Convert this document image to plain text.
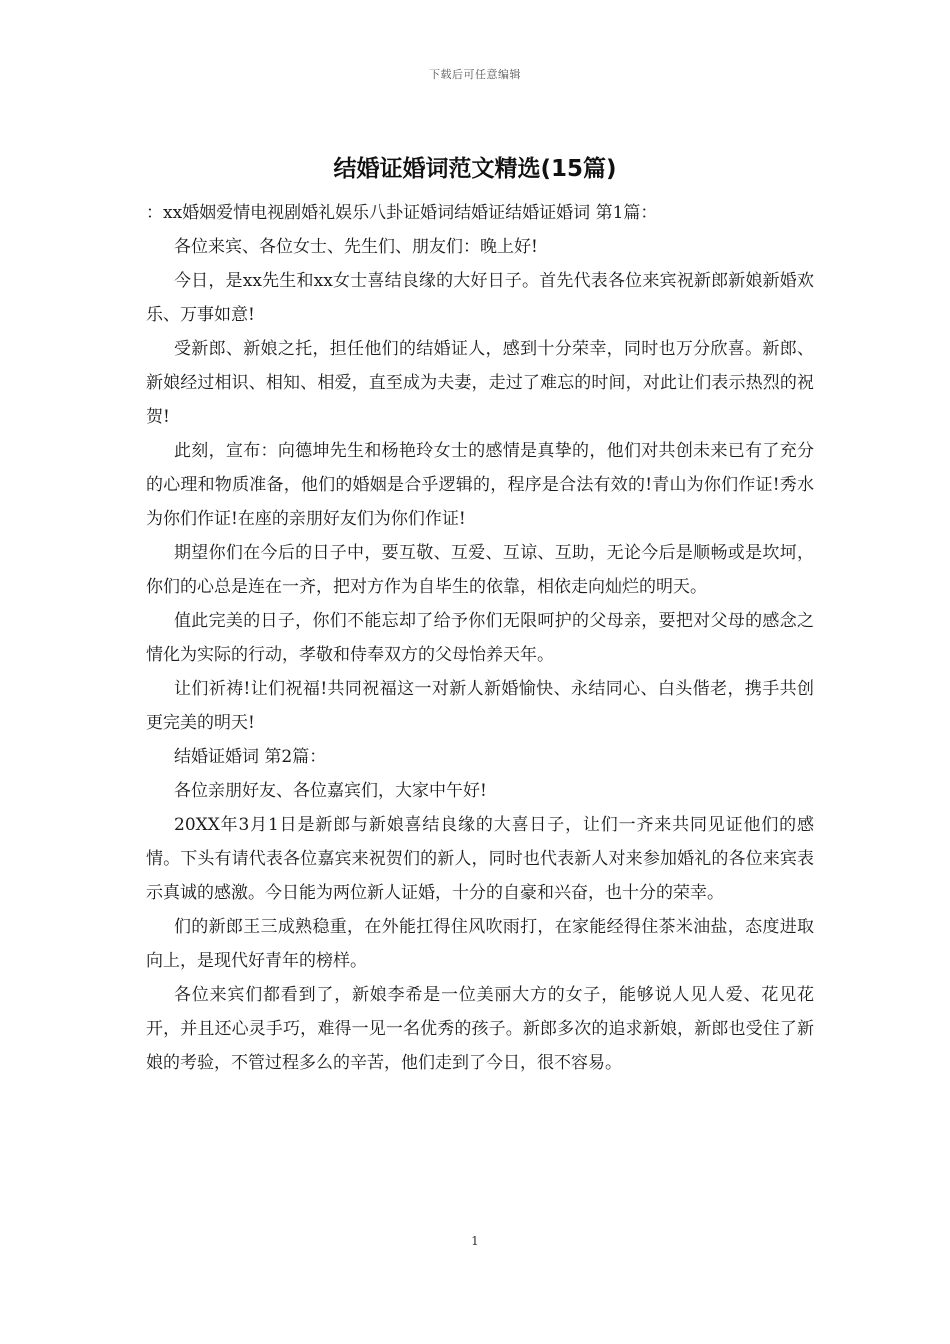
下载后可任意编辑
结婚证婚词范文精选(15篇)

：xx婚姻爱情电视剧婚礼娱乐八卦证婚词结婚证结婚证婚词 第1篇：

各位来宾、各位女士、先生们、朋友们：晚上好!

今日，是xx先生和xx女士喜结良缘的大好日子。首先代表各位来宾祝新郎新娘新婚欢乐、万事如意!

受新郎、新娘之托，担任他们的结婚证人，感到十分荣幸，同时也万分欣喜。新郎、新娘经过相识、相知、相爱，直至成为夫妻，走过了难忘的时间，对此让们表示热烈的祝贺!

此刻，宣布：向德坤先生和杨艳玲女士的感情是真挚的，他们对共创未来已有了充分的心理和物质准备，他们的婚姻是合乎逻辑的，程序是合法有效的!青山为你们作证!秀水为你们作证!在座的亲朋好友们为你们作证!

期望你们在今后的日子中，要互敬、互爱、互谅、互助，无论今后是顺畅或是坎坷，你们的心总是连在一齐，把对方作为自毕生的依靠，相依走向灿烂的明天。

值此完美的日子，你们不能忘却了给予你们无限呵护的父母亲，要把对父母的感念之情化为实际的行动，孝敬和侍奉双方的父母怡养天年。

让们祈祷!让们祝福!共同祝福这一对新人新婚愉快、永结同心、白头偕老，携手共创更完美的明天!

结婚证婚词 第2篇：

各位亲朋好友、各位嘉宾们，大家中午好!

20XX年3月1日是新郎与新娘喜结良缘的大喜日子，让们一齐来共同见证他们的感情。下头有请代表各位嘉宾来祝贺们的新人，同时也代表新人对来参加婚礼的各位来宾表示真诚的感激。今日能为两位新人证婚，十分的自豪和兴奋，也十分的荣幸。

们的新郎王三成熟稳重，在外能扛得住风吹雨打，在家能经得住茶米油盐，态度进取向上，是现代好青年的榜样。

各位来宾们都看到了，新娘李希是一位美丽大方的女子，能够说人见人爱、花见花开，并且还心灵手巧，难得一见一名优秀的孩子。新郎多次的追求新娘，新郎也受住了新娘的考验，不管过程多么的辛苦，他们走到了今日，很不容易。

1
